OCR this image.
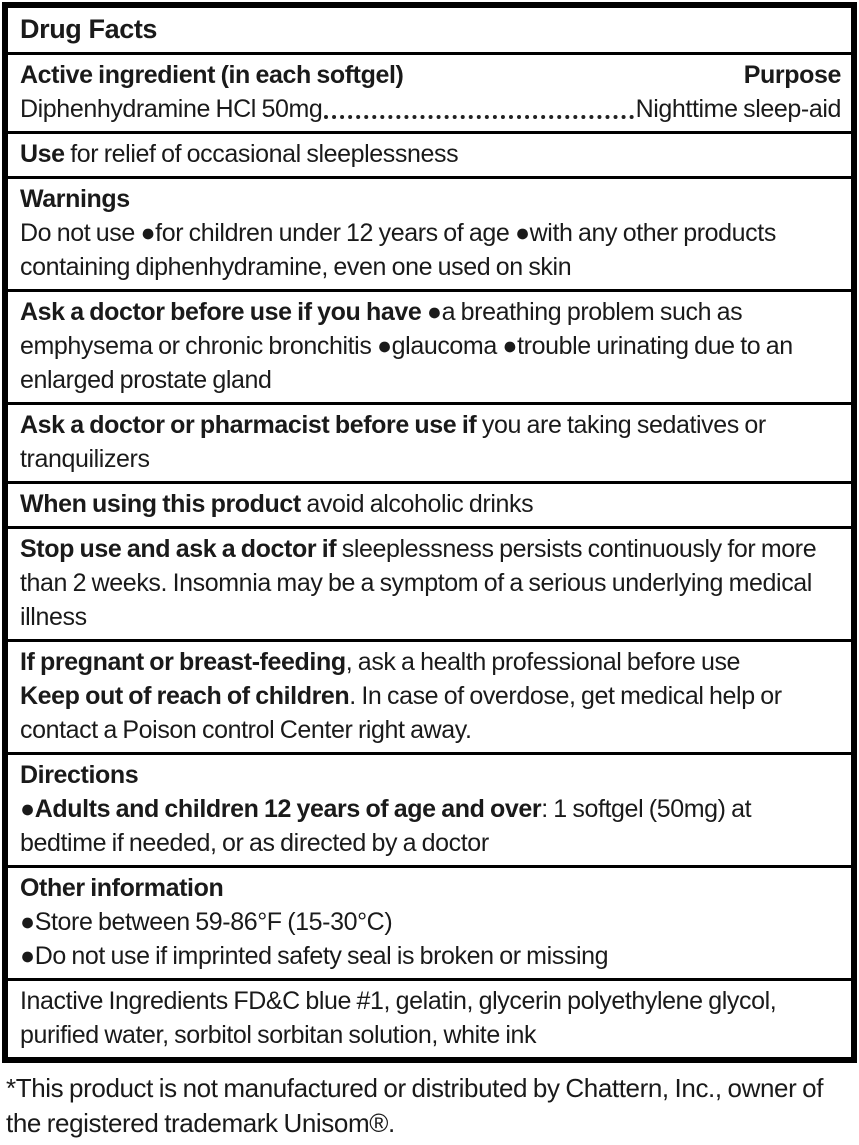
Drug Facts
Active ingredient (in each softgel)	Purpose
Diphenhydramine HCl 50mg	Nighttime sleep-aid

Use for relief of occasional sleeplessness

Warnings

Do not use ●for children under 12 years of age ●with any other products containing diphenhydramine, even one used on skin

Ask a doctor before use if you have ●a breathing problem such as emphysema or chronic bronchitis ●glaucoma ●trouble urinating due to an enlarged prostate gland

Ask a doctor or pharmacist before use if you are taking sedatives or tranquilizers

When using this product avoid alcoholic drinks

Stop use and ask a doctor if sleeplessness persists continuously for more than 2 weeks. Insomnia may be a symptom of a serious underlying medical illness

If pregnant or breast-feeding, ask a health professional before use

Keep out of reach of children. In case of overdose, get medical help or contact a Poison control Center right away.

Directions

●Adults and children 12 years of age and over: 1 softgel (50mg) at bedtime if needed, or as directed by a doctor

Other information

●Store between 59-86°F (15-30°C)

●Do not use if imprinted safety seal is broken or missing

Inactive Ingredients FD&C blue #1, gelatin, glycerin polyethylene glycol, purified water, sorbitol sorbitan solution, white ink

*This product is not manufactured or distributed by Chattern, Inc., owner of the registered trademark Unisom®.
